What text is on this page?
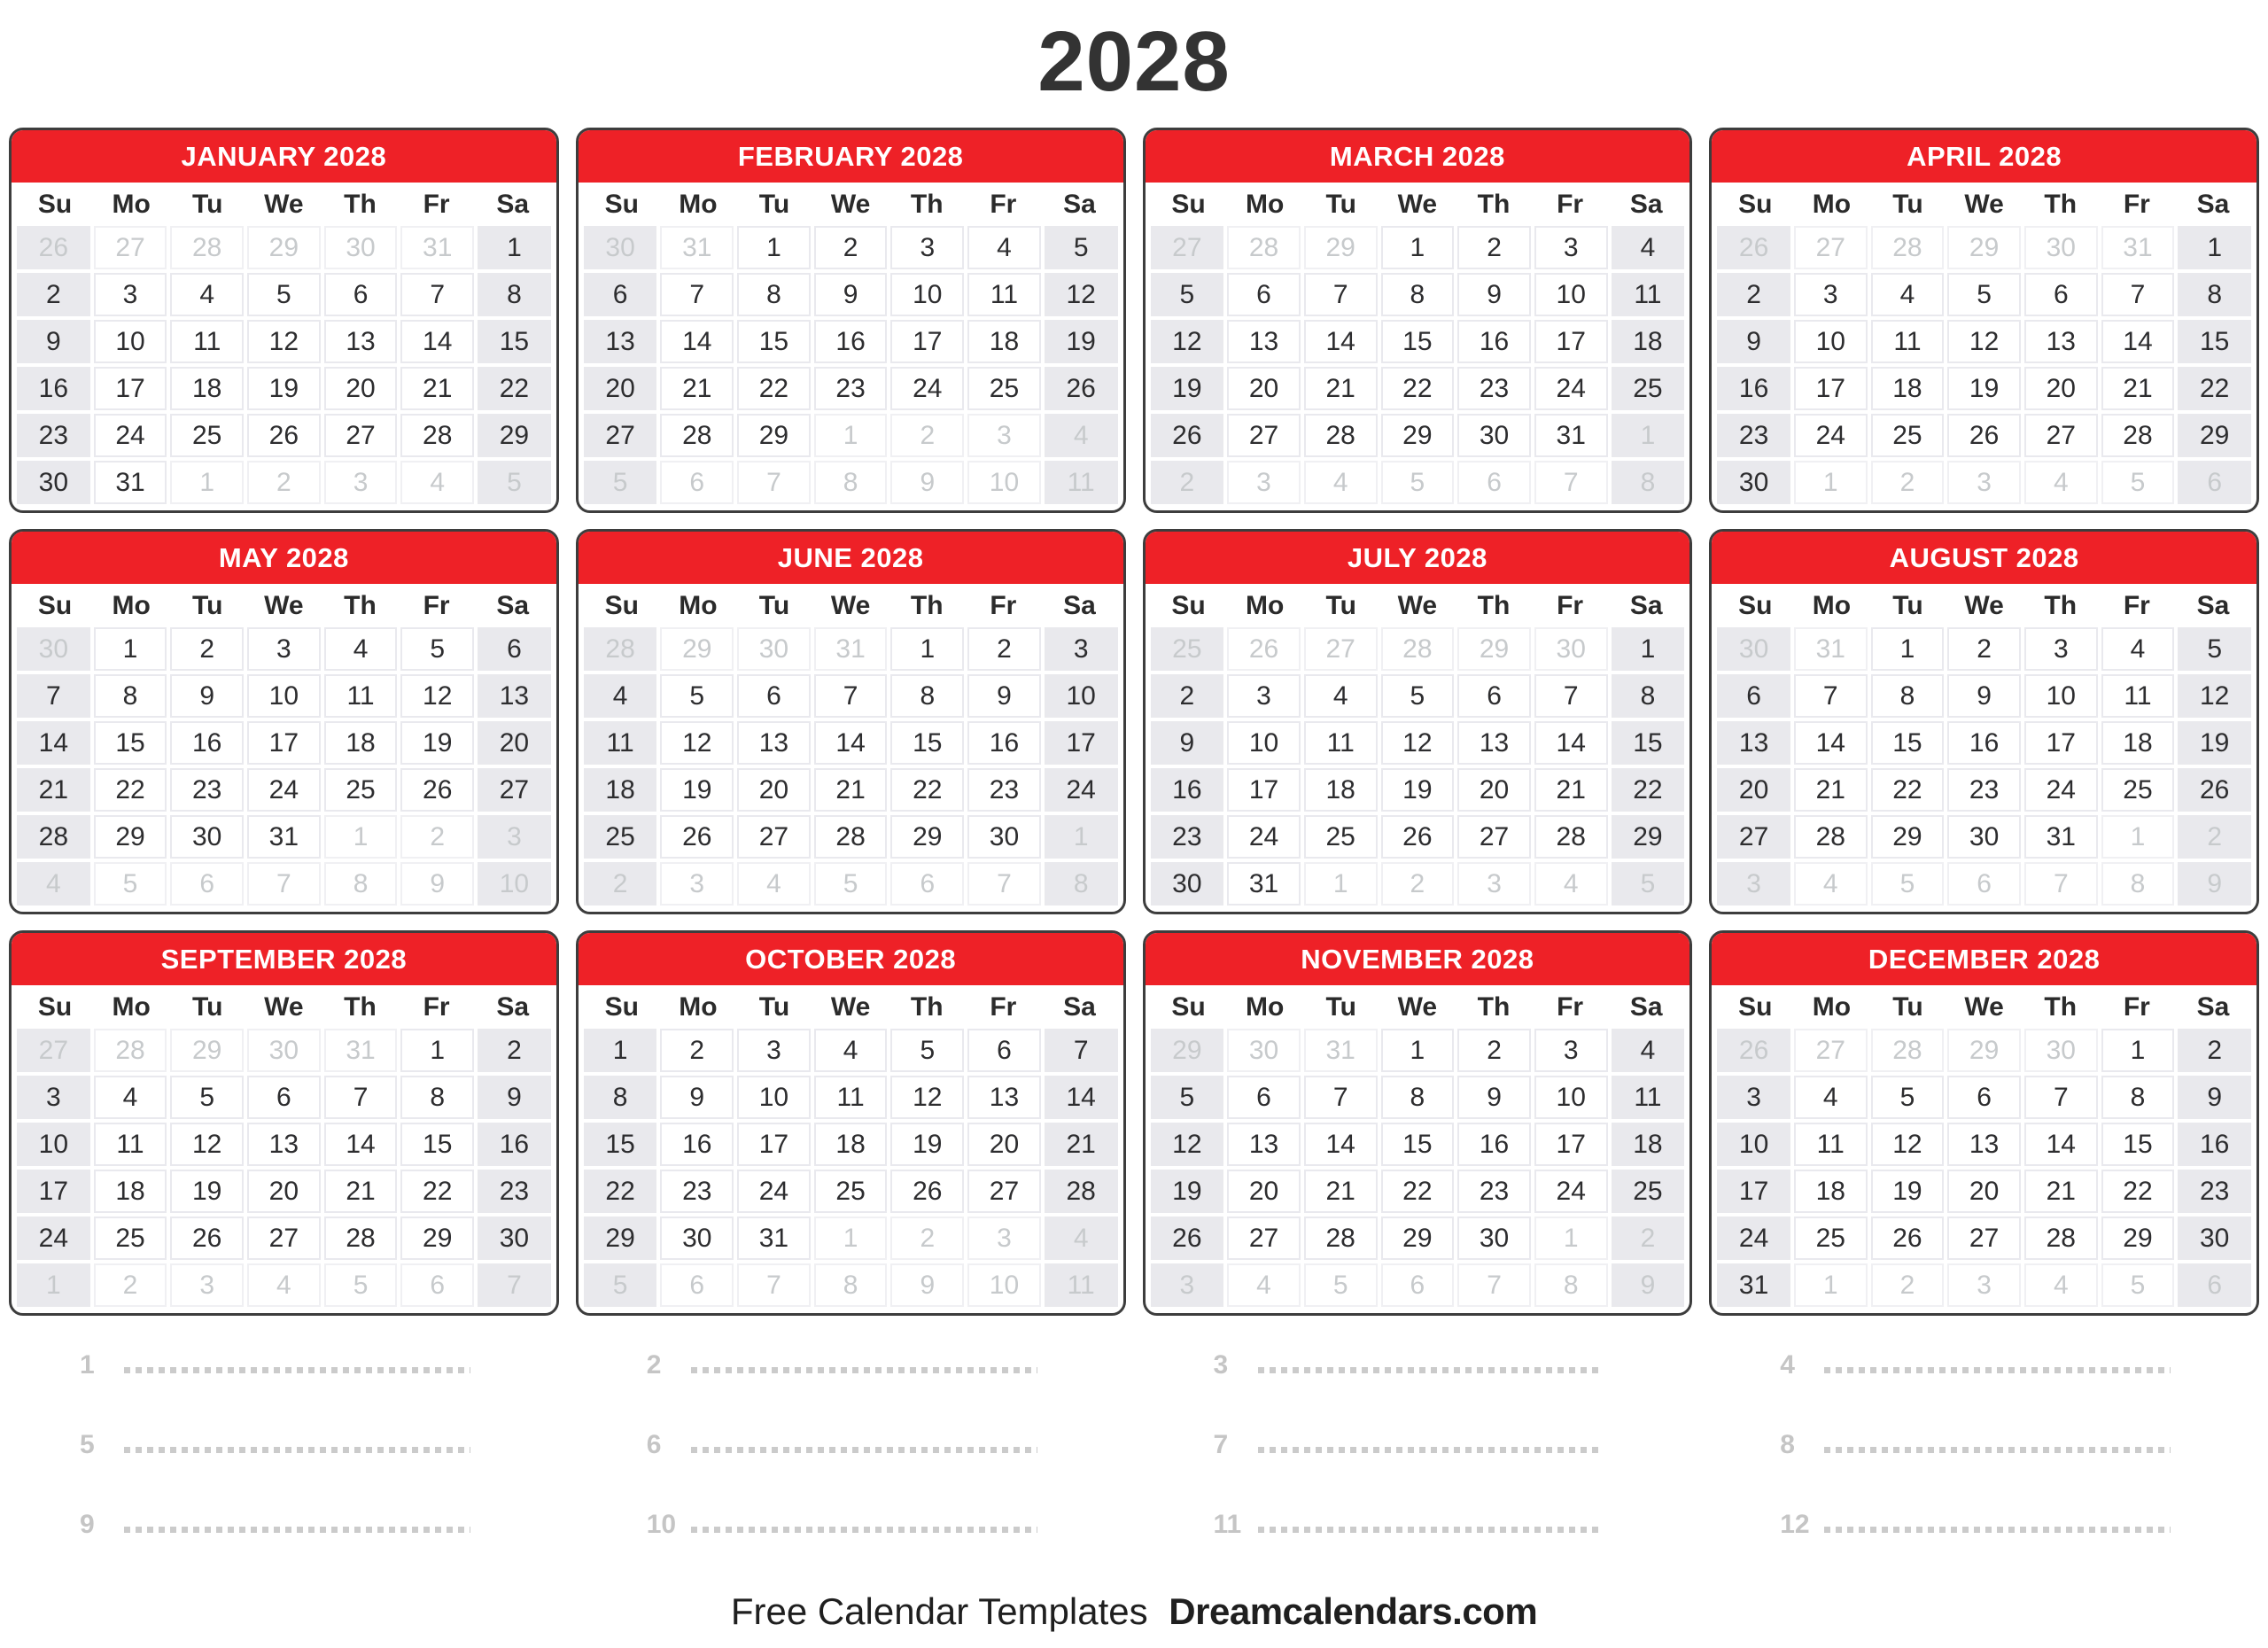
2028
JANUARY 2028
Su	Mo	Tu	We	Th	Fr	Sa
26	27	28	29	30	31	1
2	3	4	5	6	7	8
9	10	11	12	13	14	15
16	17	18	19	20	21	22
23	24	25	26	27	28	29
30	31	1	2	3	4	5
FEBRUARY 2028
Su	Mo	Tu	We	Th	Fr	Sa
30	31	1	2	3	4	5
6	7	8	9	10	11	12
13	14	15	16	17	18	19
20	21	22	23	24	25	26
27	28	29	1	2	3	4
5	6	7	8	9	10	11
MARCH 2028
Su	Mo	Tu	We	Th	Fr	Sa
27	28	29	1	2	3	4
5	6	7	8	9	10	11
12	13	14	15	16	17	18
19	20	21	22	23	24	25
26	27	28	29	30	31	1
2	3	4	5	6	7	8
APRIL 2028
Su	Mo	Tu	We	Th	Fr	Sa
26	27	28	29	30	31	1
2	3	4	5	6	7	8
9	10	11	12	13	14	15
16	17	18	19	20	21	22
23	24	25	26	27	28	29
30	1	2	3	4	5	6
MAY 2028
Su	Mo	Tu	We	Th	Fr	Sa
30	1	2	3	4	5	6
7	8	9	10	11	12	13
14	15	16	17	18	19	20
21	22	23	24	25	26	27
28	29	30	31	1	2	3
4	5	6	7	8	9	10
JUNE 2028
Su	Mo	Tu	We	Th	Fr	Sa
28	29	30	31	1	2	3
4	5	6	7	8	9	10
11	12	13	14	15	16	17
18	19	20	21	22	23	24
25	26	27	28	29	30	1
2	3	4	5	6	7	8
JULY 2028
Su	Mo	Tu	We	Th	Fr	Sa
25	26	27	28	29	30	1
2	3	4	5	6	7	8
9	10	11	12	13	14	15
16	17	18	19	20	21	22
23	24	25	26	27	28	29
30	31	1	2	3	4	5
AUGUST 2028
Su	Mo	Tu	We	Th	Fr	Sa
30	31	1	2	3	4	5
6	7	8	9	10	11	12
13	14	15	16	17	18	19
20	21	22	23	24	25	26
27	28	29	30	31	1	2
3	4	5	6	7	8	9
SEPTEMBER 2028
Su	Mo	Tu	We	Th	Fr	Sa
27	28	29	30	31	1	2
3	4	5	6	7	8	9
10	11	12	13	14	15	16
17	18	19	20	21	22	23
24	25	26	27	28	29	30
1	2	3	4	5	6	7
OCTOBER 2028
Su	Mo	Tu	We	Th	Fr	Sa
1	2	3	4	5	6	7
8	9	10	11	12	13	14
15	16	17	18	19	20	21
22	23	24	25	26	27	28
29	30	31	1	2	3	4
5	6	7	8	9	10	11
NOVEMBER 2028
Su	Mo	Tu	We	Th	Fr	Sa
29	30	31	1	2	3	4
5	6	7	8	9	10	11
12	13	14	15	16	17	18
19	20	21	22	23	24	25
26	27	28	29	30	1	2
3	4	5	6	7	8	9
DECEMBER 2028
Su	Mo	Tu	We	Th	Fr	Sa
26	27	28	29	30	1	2
3	4	5	6	7	8	9
10	11	12	13	14	15	16
17	18	19	20	21	22	23
24	25	26	27	28	29	30
31	1	2	3	4	5	6
1	2	3	4
5	6	7	8
9	10	11	12
Free Calendar Templates Dreamcalendars.com
